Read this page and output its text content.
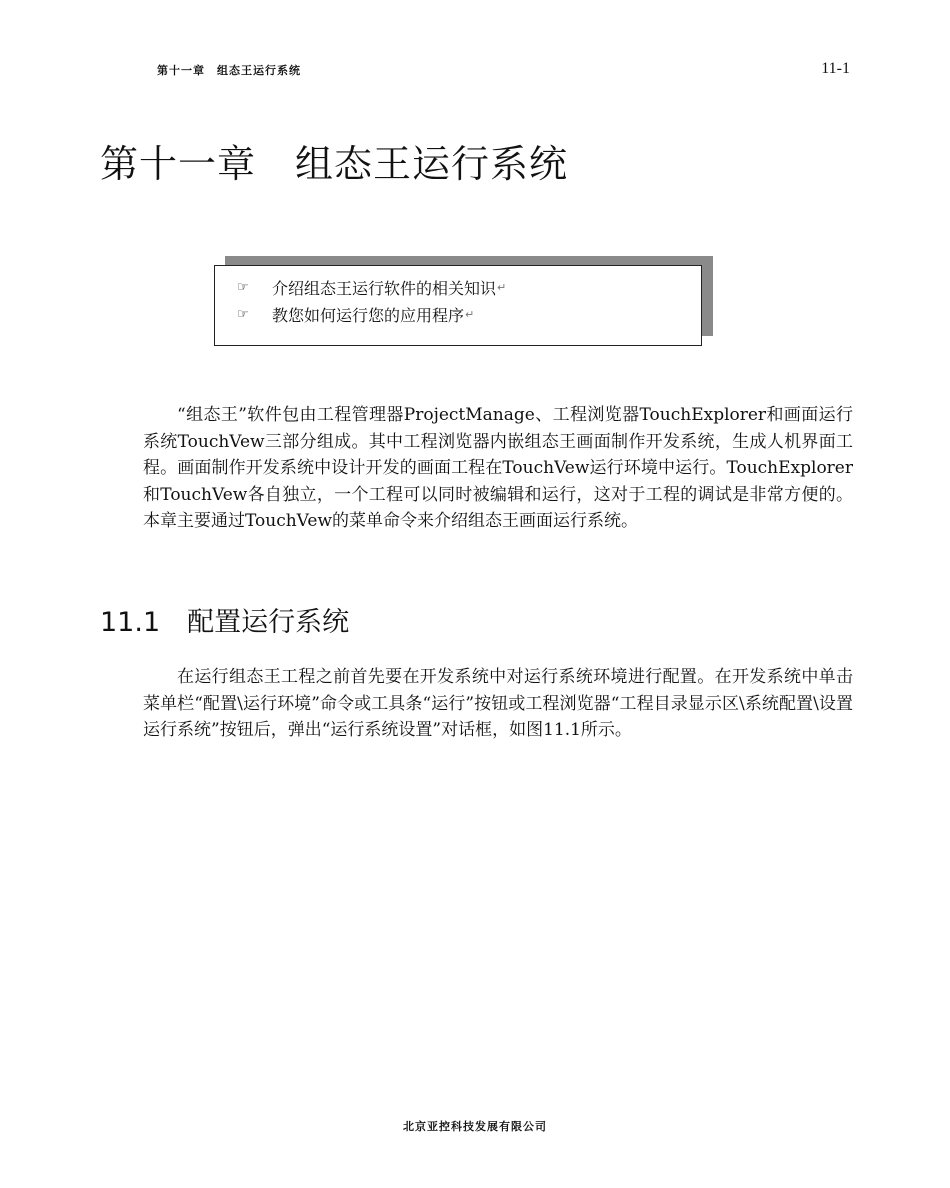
第十一章　组态王运行系统	11-1
第十一章　组态王运行系统
☞	介绍组态王运行软件的相关知识 ↵
☞	教您如何运行您的应用程序 ↵

“组态王”软件包由工程管理器ProjectManage、工程浏览器TouchExplorer和画面运行系统TouchVew三部分组成。其中工程浏览器内嵌组态王画面制作开发系统，生成人机界面工程。画面制作开发系统中设计开发的画面工程在TouchVew运行环境中运行。TouchExplorer和TouchVew各自独立，一个工程可以同时被编辑和运行，这对于工程的调试是非常方便的。本章主要通过TouchVew的菜单命令来介绍组态王画面运行系统。

11.1　配置运行系统

在运行组态王工程之前首先要在开发系统中对运行系统环境进行配置。在开发系统中单击菜单栏“配置\运行环境”命令或工具条“运行”按钮或工程浏览器“工程目录显示区\系统配置\设置运行系统”按钮后，弹出“运行系统设置”对话框，如图11.1所示。

北京亚控科技发展有限公司
